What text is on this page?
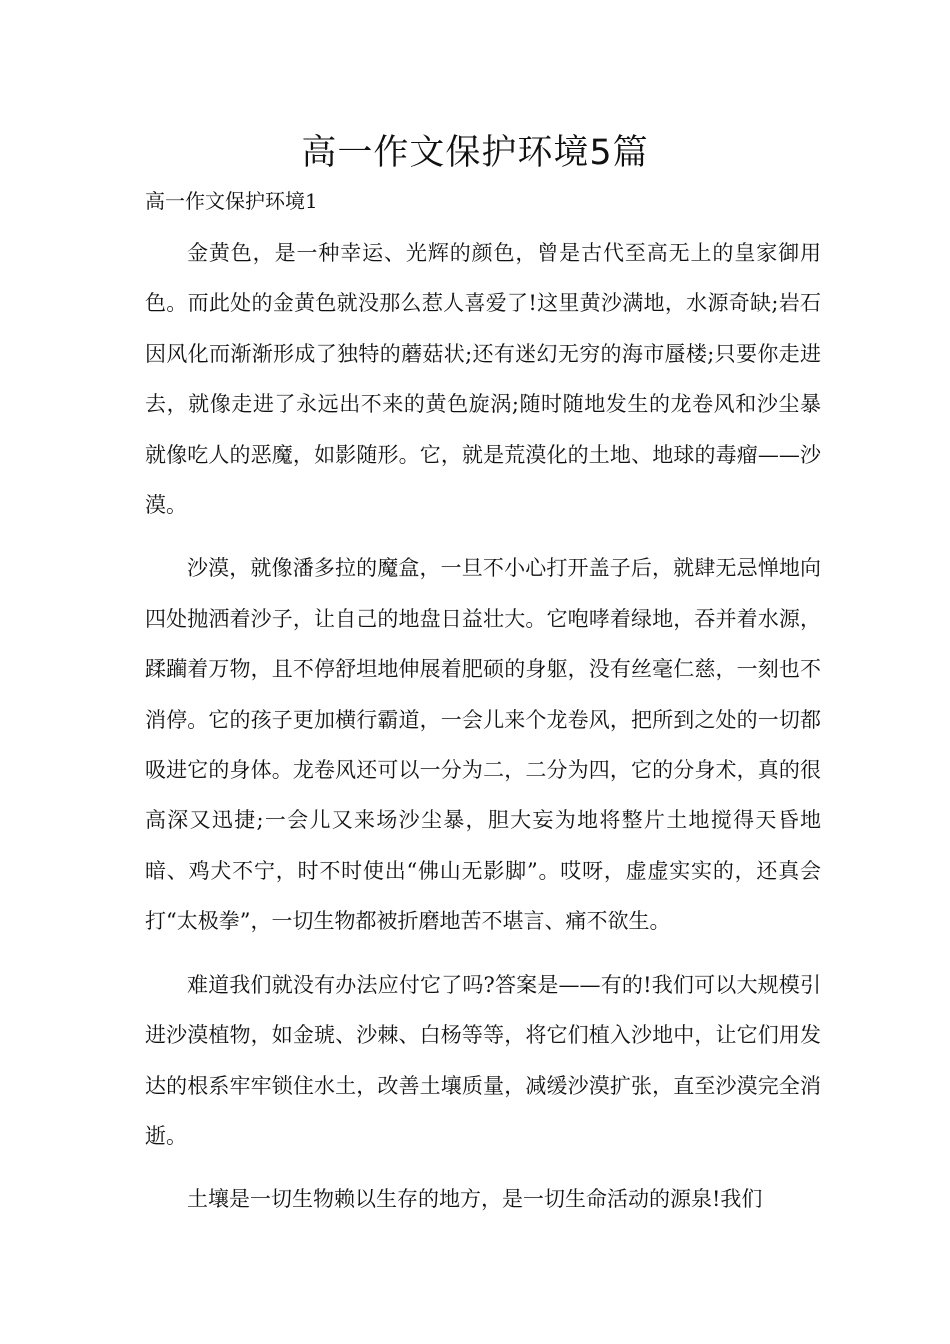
高一作文保护环境5篇
高一作文保护环境1

金黄色，是一种幸运、光辉的颜色，曾是古代至高无上的皇家御用色。而此处的金黄色就没那么惹人喜爱了!这里黄沙满地，水源奇缺;岩石因风化而渐渐形成了独特的蘑菇状;还有迷幻无穷的海市蜃楼;只要你走进去，就像走进了永远出不来的黄色旋涡;随时随地发生的龙卷风和沙尘暴就像吃人的恶魔，如影随形。它，就是荒漠化的土地、地球的毒瘤——沙漠。

沙漠，就像潘多拉的魔盒，一旦不小心打开盖子后，就肆无忌惮地向四处抛洒着沙子，让自己的地盘日益壮大。它咆哮着绿地，吞并着水源，蹂躏着万物，且不停舒坦地伸展着肥硕的身躯，没有丝毫仁慈，一刻也不消停。它的孩子更加横行霸道，一会儿来个龙卷风，把所到之处的一切都吸进它的身体。龙卷风还可以一分为二，二分为四，它的分身术，真的很高深又迅捷;一会儿又来场沙尘暴，胆大妄为地将整片土地搅得天昏地暗、鸡犬不宁，时不时使出“佛山无影脚”。哎呀，虚虚实实的，还真会打“太极拳”，一切生物都被折磨地苦不堪言、痛不欲生。

难道我们就没有办法应付它了吗?答案是——有的!我们可以大规模引进沙漠植物，如金琥、沙棘、白杨等等，将它们植入沙地中，让它们用发达的根系牢牢锁住水土，改善土壤质量，减缓沙漠扩张，直至沙漠完全消逝。

土壤是一切生物赖以生存的地方，是一切生命活动的源泉!我们
